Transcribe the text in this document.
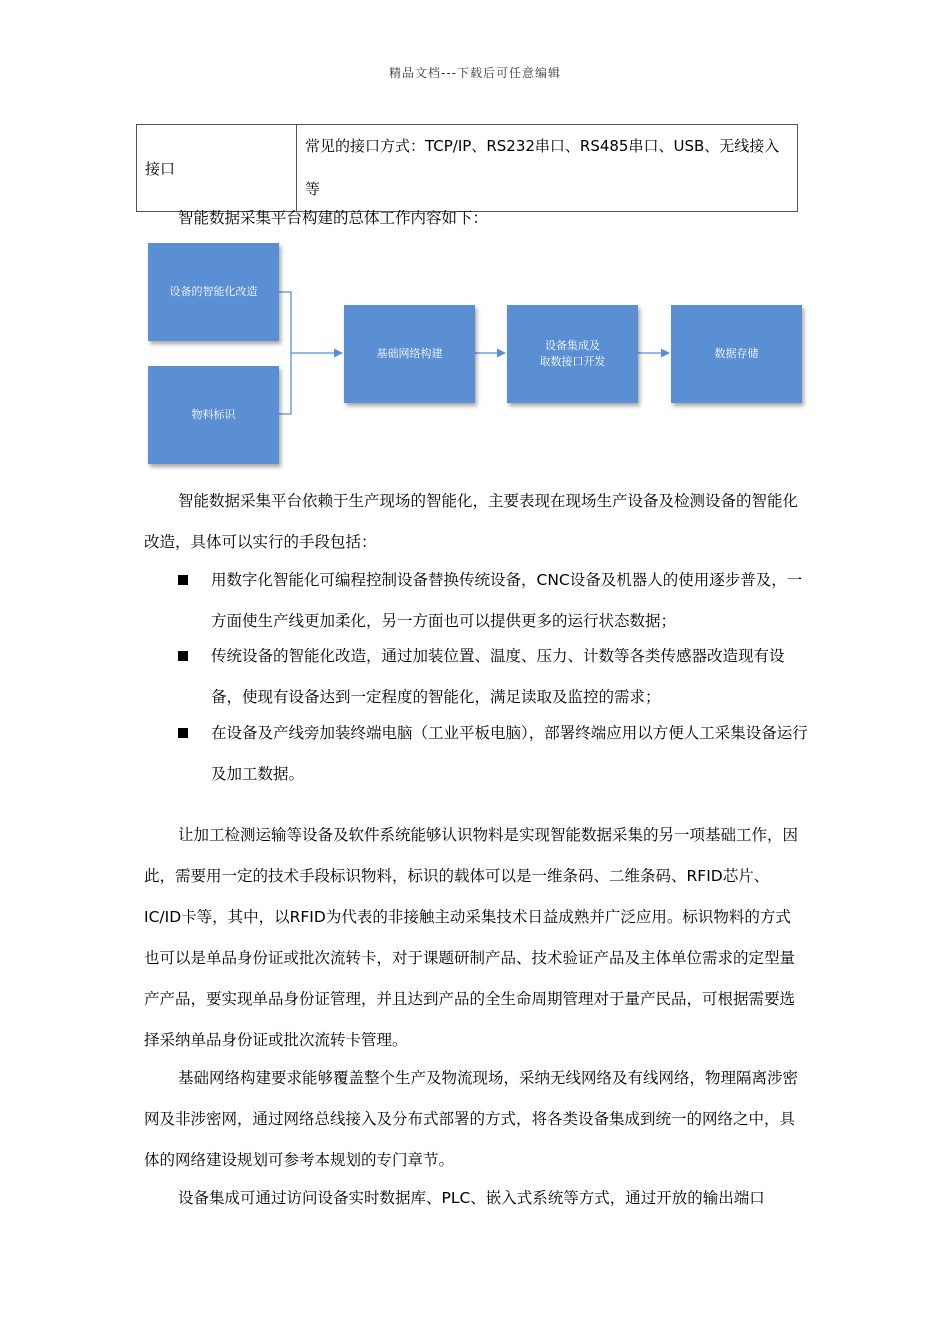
精品文档---下载后可任意编辑
接口	常见的接口方式：TCP/IP、RS232串口、RS485串口、USB、无线接入等

智能数据采集平台构建的总体工作内容如下：

设备的智能化改造
物料标识
基础网络构建
设备集成及
取数接口开发
数据存储

智能数据采集平台依赖于生产现场的智能化，主要表现在现场生产设备及检测设备的智能化改造，具体可以实行的手段包括：

用数字化智能化可编程控制设备替换传统设备，CNC设备及机器人的使用逐步普及，一方面使生产线更加柔化，另一方面也可以提供更多的运行状态数据；
传统设备的智能化改造，通过加装位置、温度、压力、计数等各类传感器改造现有设备，使现有设备达到一定程度的智能化，满足读取及监控的需求；
在设备及产线旁加装终端电脑（工业平板电脑），部署终端应用以方便人工采集设备运行及加工数据。

让加工检测运输等设备及软件系统能够认识物料是实现智能数据采集的另一项基础工作，因此，需要用一定的技术手段标识物料，标识的载体可以是一维条码、二维条码、RFID芯片、IC/ID卡等，其中，以RFID为代表的非接触主动采集技术日益成熟并广泛应用。标识物料的方式也可以是单品身份证或批次流转卡，对于课题研制产品、技术验证产品及主体单位需求的定型量产产品，要实现单品身份证管理，并且达到产品的全生命周期管理对于量产民品，可根据需要选择采纳单品身份证或批次流转卡管理。

基础网络构建要求能够覆盖整个生产及物流现场，采纳无线网络及有线网络，物理隔离涉密网及非涉密网，通过网络总线接入及分布式部署的方式，将各类设备集成到统一的网络之中，具体的网络建设规划可参考本规划的专门章节。

设备集成可通过访问设备实时数据库、PLC、嵌入式系统等方式，通过开放的输出端口
